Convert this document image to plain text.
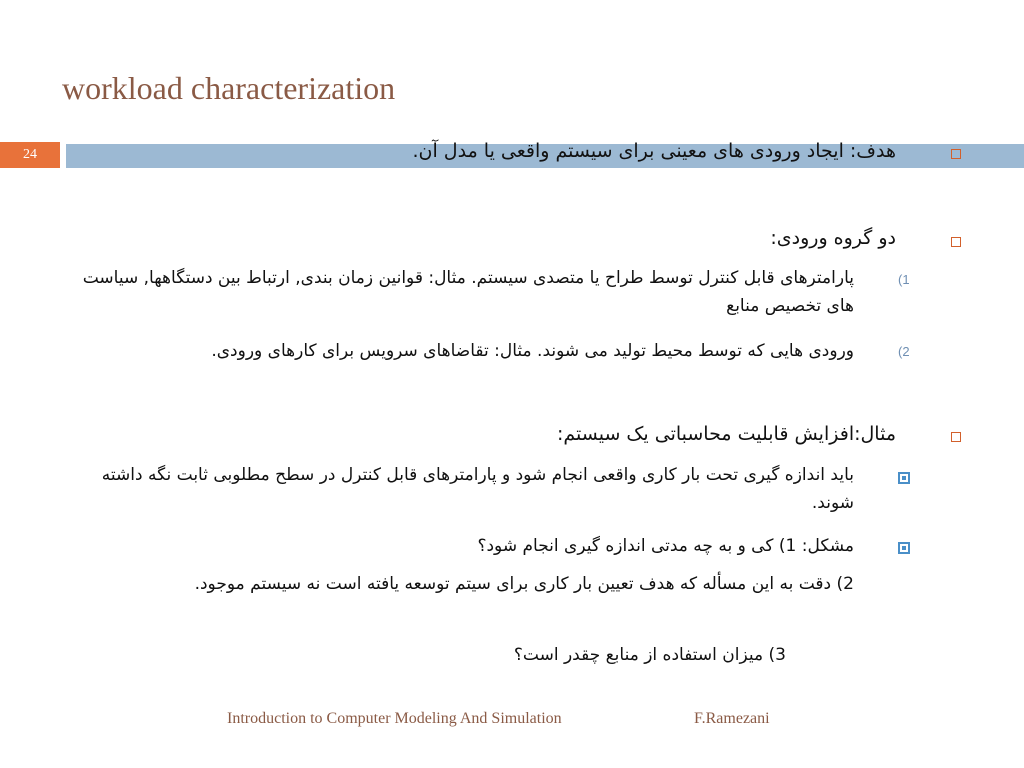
workload characterization
24	هدف: ایجاد ورودی های معینی برای سیستم واقعی یا مدل آن.
دو گروه ورودی:
(1
پارامترهای قابل کنترل توسط طراح یا متصدی سیستم. مثال: قوانین زمان بندی, ارتباط بین دستگاهها, سیاست های تخصیص منابع
(2
ورودی هایی که توسط محیط تولید می شوند. مثال: تقاضاهای سرویس برای کارهای ورودی.
مثال:افزایش قابلیت محاسباتی یک سیستم:
باید اندازه گیری تحت بار کاری واقعی انجام شود و پارامترهای قابل کنترل در سطح مطلوبی ثابت نگه داشته شوند.
مشکل: 1) کی و به چه مدتی اندازه گیری انجام شود؟
2) دقت به این مسأله که هدف تعیین بار کاری برای سیتم توسعه یافته است نه سیستم موجود.
3) میزان استفاده از منابع چقدر است؟
Introduction to Computer Modeling And Simulation	F.Ramezani
